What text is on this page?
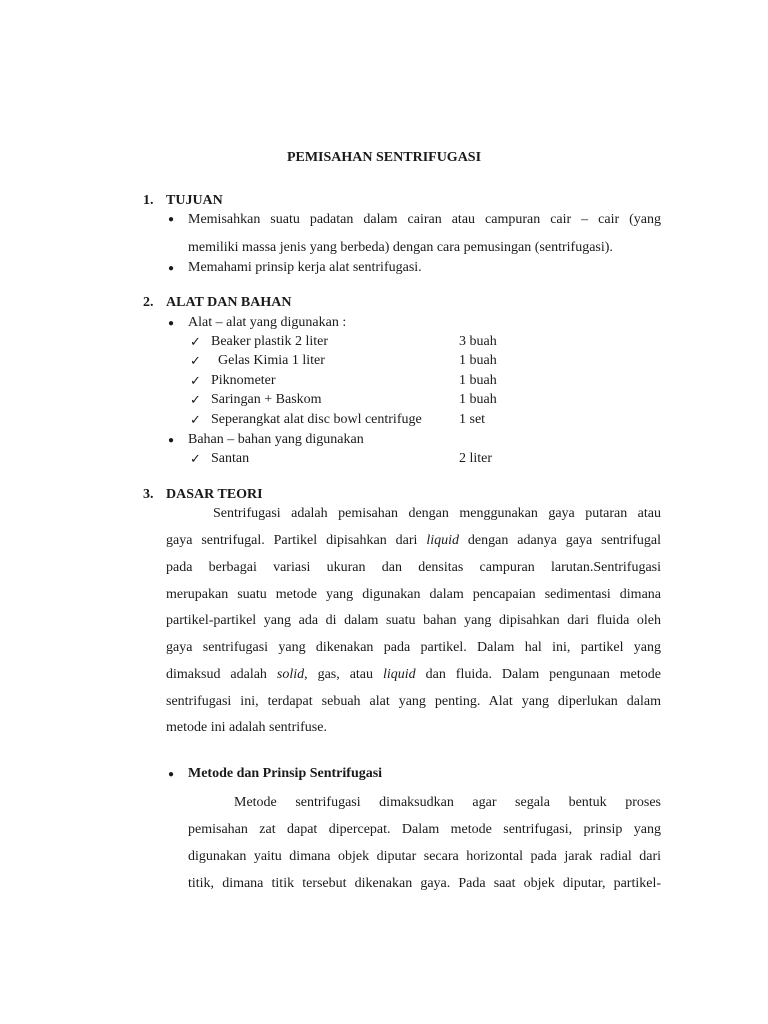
PEMISAHAN SENTRIFUGASI
1. TUJUAN
● Memisahkan suatu padatan dalam cairan atau campuran cair – cair (yang
memiliki massa jenis yang berbeda) dengan cara pemusingan (sentrifugasi).
● Memahami prinsip kerja alat sentrifugasi.
2. ALAT DAN BAHAN
● Alat – alat yang digunakan :
✓ Beaker plastik 2 liter	3 buah
✓ Gelas Kimia 1 liter	1 buah
✓ Piknometer	1 buah
✓ Saringan + Baskom	1 buah
✓ Seperangkat alat disc bowl centrifuge	1 set
● Bahan – bahan yang digunakan
✓ Santan	2 liter
3. DASAR TEORI
Sentrifugasi adalah pemisahan dengan menggunakan gaya putaran atau
gaya sentrifugal. Partikel dipisahkan dari liquid dengan adanya gaya sentrifugal
pada berbagai variasi ukuran dan densitas campuran larutan.Sentrifugasi
merupakan suatu metode yang digunakan dalam pencapaian sedimentasi dimana
partikel-partikel yang ada di dalam suatu bahan yang dipisahkan dari fluida oleh
gaya sentrifugasi yang dikenakan pada partikel. Dalam hal ini, partikel yang
dimaksud adalah solid, gas, atau liquid dan fluida. Dalam pengunaan metode
sentrifugasi ini, terdapat sebuah alat yang penting. Alat yang diperlukan dalam
metode ini adalah sentrifuse.
● Metode dan Prinsip Sentrifugasi
Metode sentrifugasi dimaksudkan agar segala bentuk proses
pemisahan zat dapat dipercepat. Dalam metode sentrifugasi, prinsip yang
digunakan yaitu dimana objek diputar secara horizontal pada jarak radial dari
titik, dimana titik tersebut dikenakan gaya. Pada saat objek diputar, partikel-
